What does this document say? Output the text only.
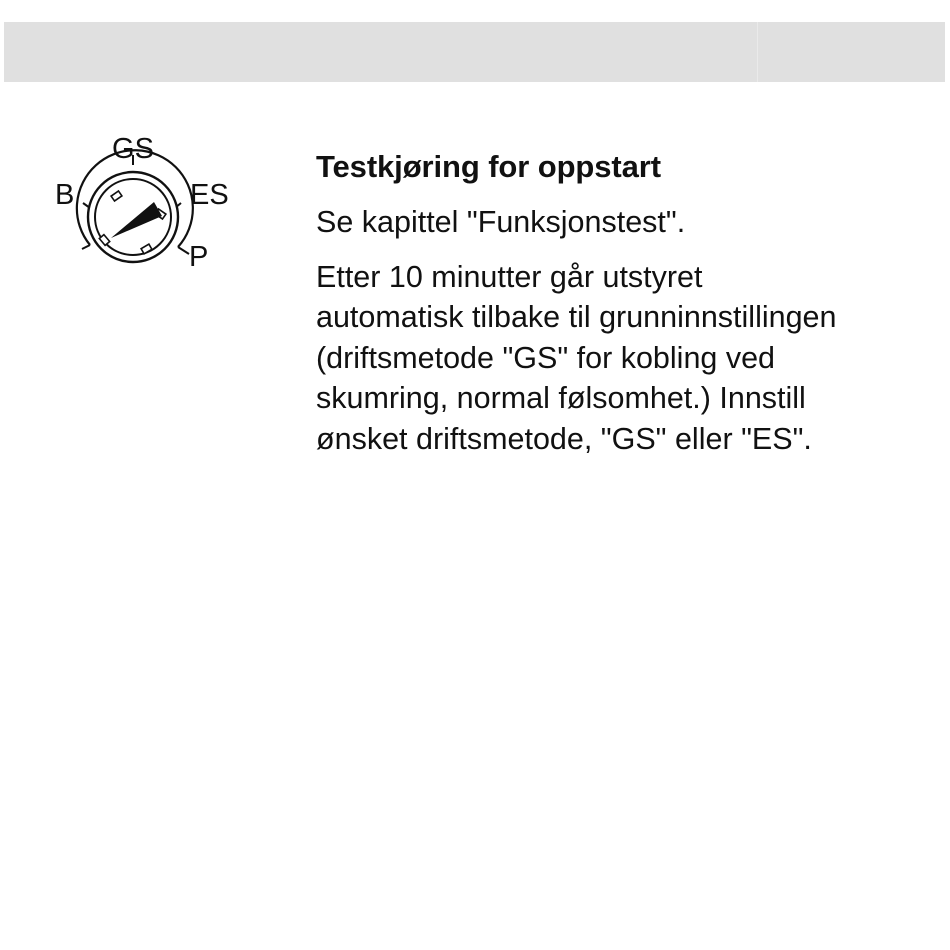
GS
B	ES
P
Testkjøring for oppstart

Se kapittel "Funksjonstest".

Etter 10 minutter går utstyret
automatisk tilbake til grunninnstillingen
(driftsmetode "GS" for kobling ved
skumring, normal følsomhet.) Innstill
ønsket driftsmetode, "GS" eller "ES".
